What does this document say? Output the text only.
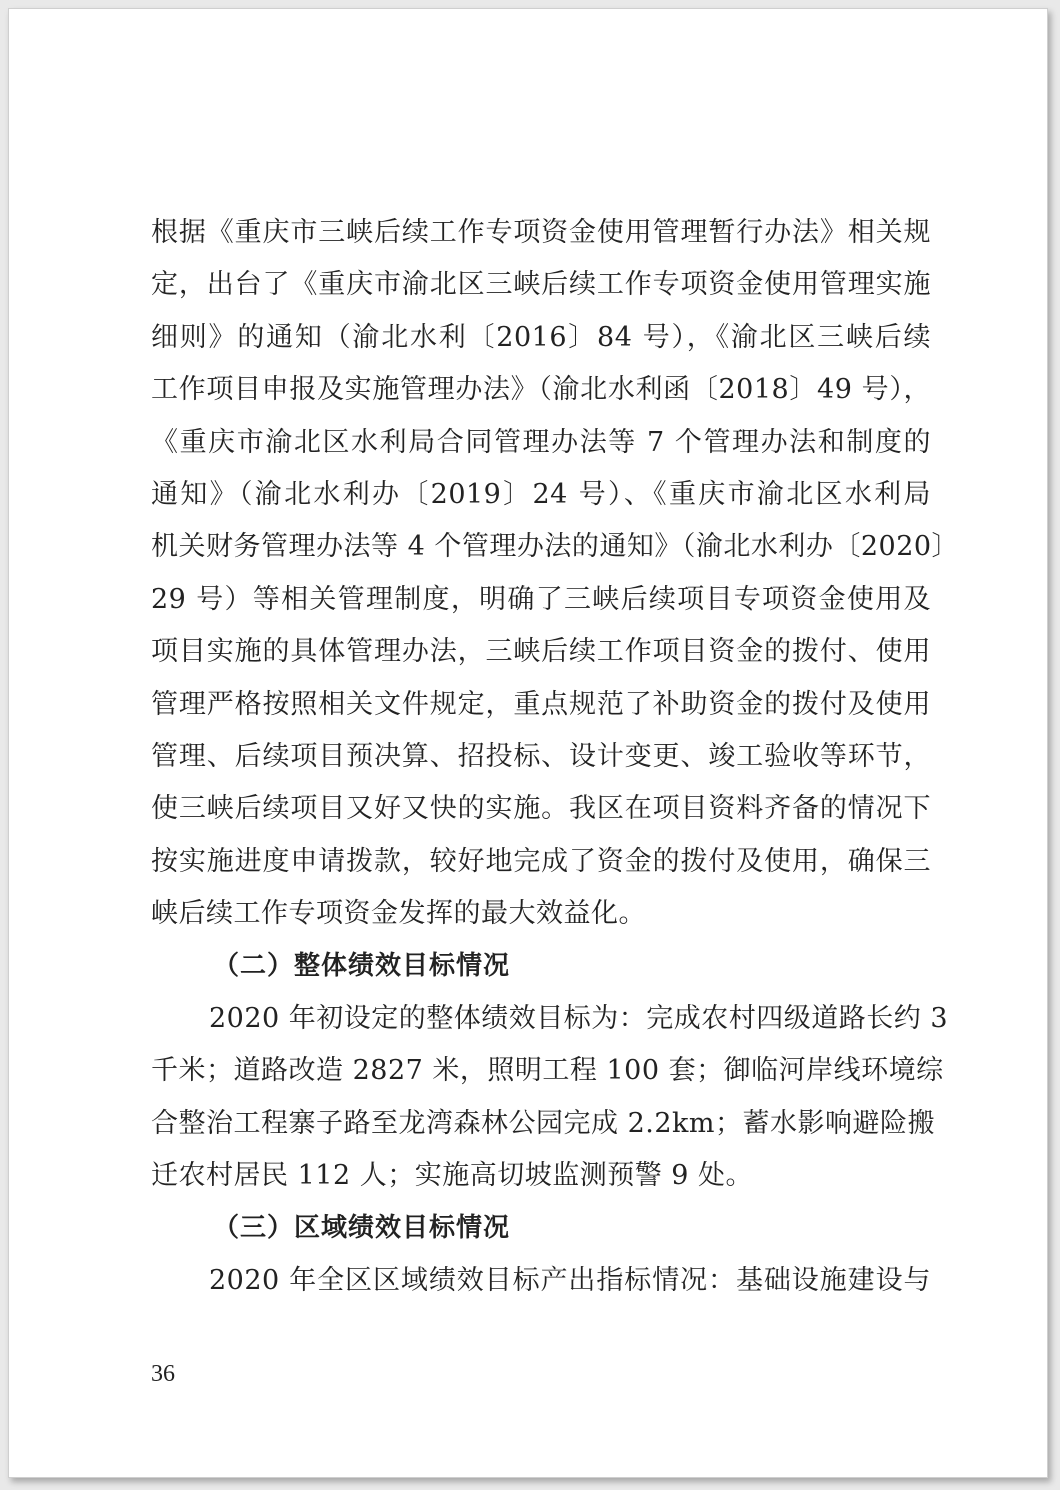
根据《重庆市三峡后续工作专项资金使用管理暂行办法》相关规
定，出台了《重庆市渝北区三峡后续工作专项资金使用管理实施
细则》的通知（渝北水利〔2016〕84 号），《渝北区三峡后续
工作项目申报及实施管理办法》（渝北水利函〔2018〕49 号），
《重庆市渝北区水利局合同管理办法等 7 个管理办法和制度的
通知》（渝北水利办〔2019〕24 号）、《重庆市渝北区水利局
机关财务管理办法等 4 个管理办法的通知》（渝北水利办〔2020〕
29 号）等相关管理制度，明确了三峡后续项目专项资金使用及
项目实施的具体管理办法，三峡后续工作项目资金的拨付、使用
管理严格按照相关文件规定，重点规范了补助资金的拨付及使用
管理、后续项目预决算、招投标、设计变更、竣工验收等环节，
使三峡后续项目又好又快的实施。我区在项目资料齐备的情况下
按实施进度申请拨款，较好地完成了资金的拨付及使用，确保三
峡后续工作专项资金发挥的最大效益化。
（二）整体绩效目标情况
2020 年初设定的整体绩效目标为：完成农村四级道路长约 3
千米；道路改造 2827 米，照明工程 100 套；御临河岸线环境综
合整治工程寨子路至龙湾森林公园完成 2.2km；蓄水影响避险搬
迁农村居民 112 人；实施高切坡监测预警 9 处。
（三）区域绩效目标情况
2020 年全区区域绩效目标产出指标情况：基础设施建设与
36
